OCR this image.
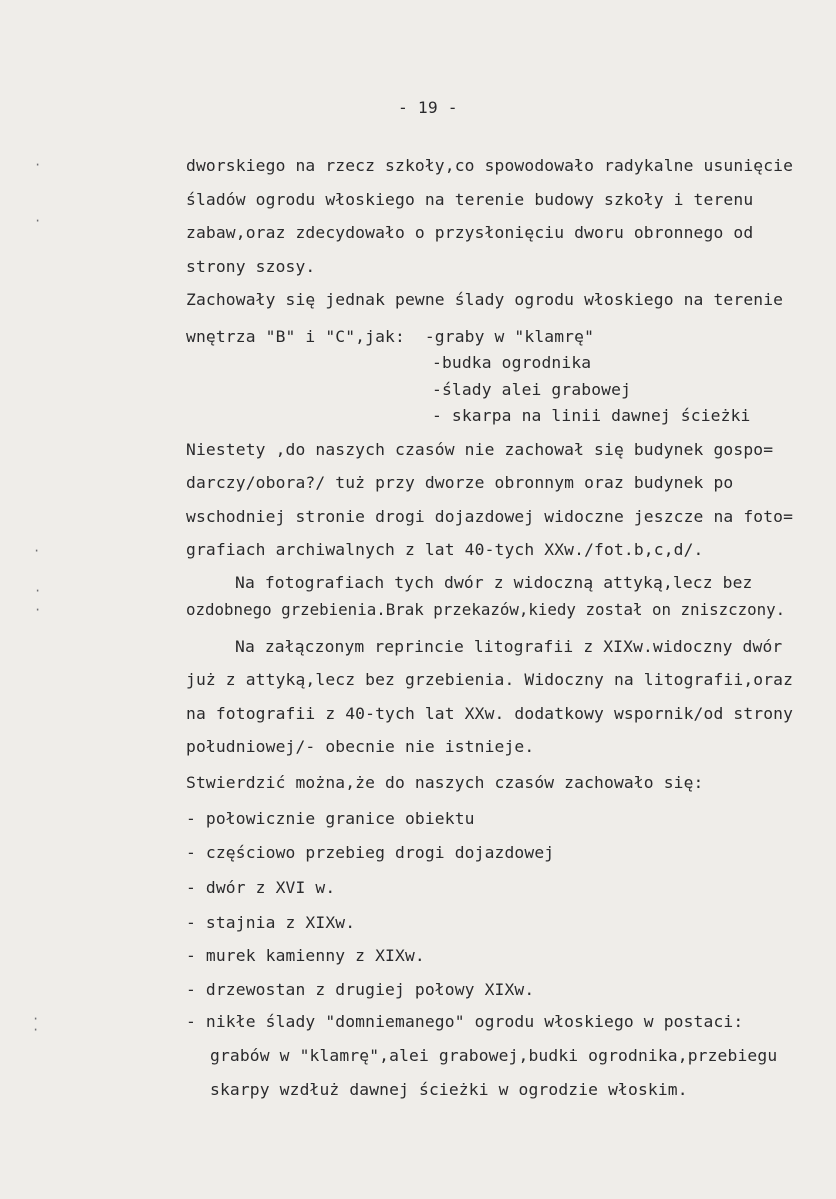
- 19 -
dworskiego na rzecz szkoły,co spowodowało radykalne usunięcie
śladów ogrodu włoskiego na terenie budowy szkoły i terenu
zabaw,oraz zdecydowało o przysłonięciu dworu obronnego od
strony szosy.
Zachowały się jednak pewne ślady ogrodu włoskiego na terenie
wnętrza "B" i "C",jak:  -graby w "klamrę"
-budka ogrodnika
-ślady alei grabowej
- skarpa na linii dawnej ścieżki
Niestety ,do naszych czasów nie zachował się budynek gospo=
darczy/obora?/ tuż przy dworze obronnym oraz budynek po
wschodniej stronie drogi dojazdowej widoczne jeszcze na foto=
grafiach archiwalnych z lat 40-tych XXw./fot.b,c,d/.
Na fotografiach tych dwór z widoczną attyką,lecz bez
ozdobnego grzebienia.Brak przekazów,kiedy został on zniszczony.
Na załączonym reprincie litografii z XIXw.widoczny dwór
już z attyką,lecz bez grzebienia. Widoczny na litografii,oraz
na fotografii z 40-tych lat XXw. dodatkowy wspornik/od strony
południowej/- obecnie nie istnieje.
Stwierdzić można,że do naszych czasów zachowało się:
- połowicznie granice obiektu
- częściowo przebieg drogi dojazdowej
- dwór z XVI w.
- stajnia z XIXw.
- murek kamienny z XIXw.
- drzewostan z drugiej połowy XIXw.
- nikłe ślady "domniemanego" ogrodu włoskiego w postaci:
grabów w "klamrę",alei grabowej,budki ogrodnika,przebiegu
skarpy wzdłuż dawnej ścieżki w ogrodzie włoskim.
·
·
·
·
·
·
·
